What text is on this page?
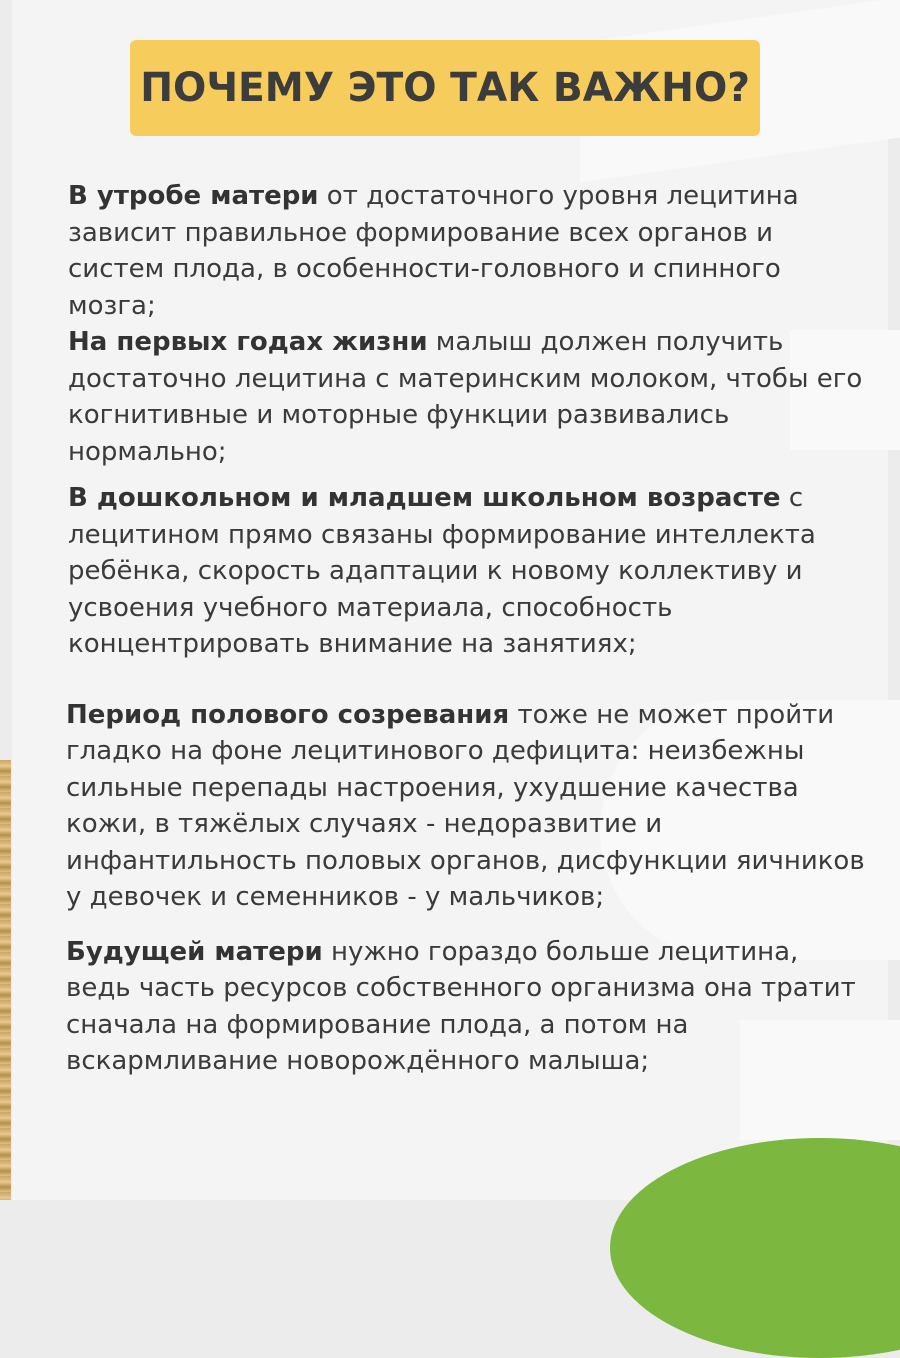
ПОЧЕМУ ЭТО ТАК ВАЖНО?

В утробе матери от достаточного уровня лецитина зависит правильное формирование всех органов и систем плода, в особенности-головного и спинного мозга;

На первых годах жизни малыш должен получить достаточно лецитина с материнским молоком, чтобы его когнитивные и моторные функции развивались нормально;

В дошкольном и младшем школьном возрасте с лецитином прямо связаны формирование интеллекта ребёнка, скорость адаптации к новому коллективу и усвоения учебного материала, способность концентрировать внимание на занятиях;

Период полового созревания тоже не может пройти гладко на фоне лецитинового дефицита: неизбежны сильные перепады настроения, ухудшение качества кожи, в тяжёлых случаях - недоразвитие и инфантильность половых органов, дисфункции яичников у девочек и семенников - у мальчиков;

Будущей матери нужно гораздо больше лецитина, ведь часть ресурсов собственного организма она тратит сначала на формирование плода, а потом на вскармливание новорождённого малыша;
